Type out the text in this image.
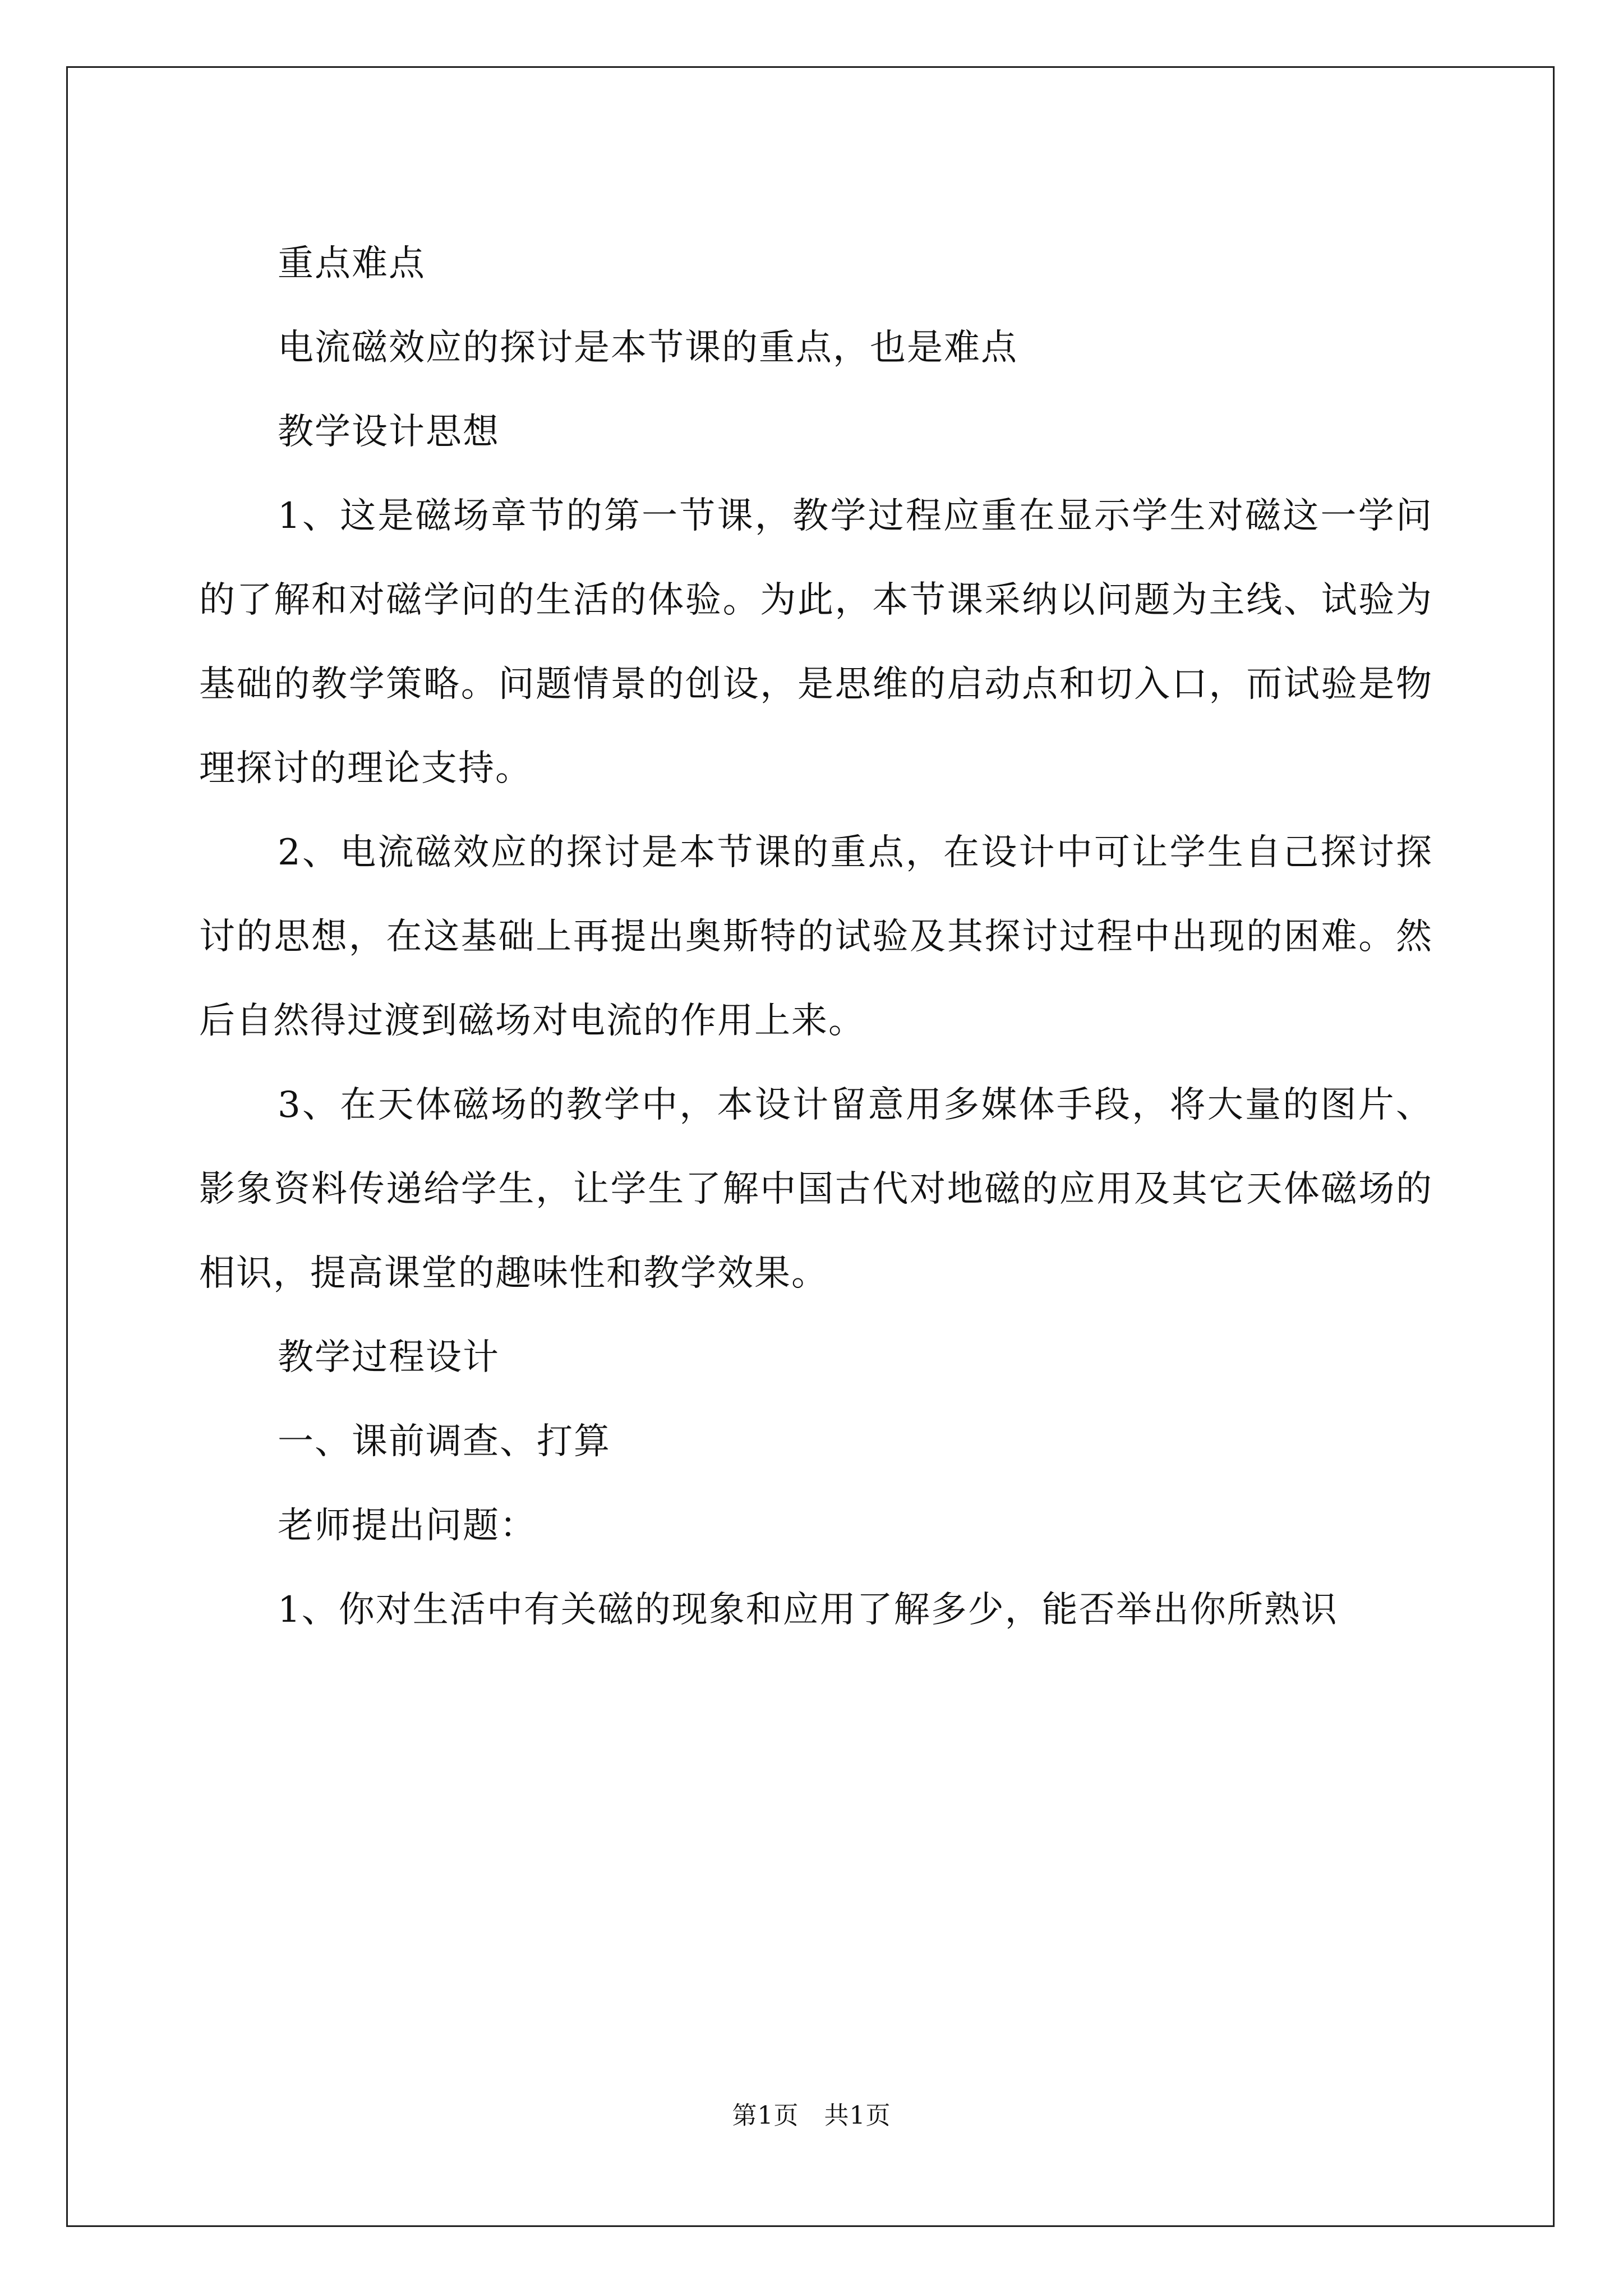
重点难点

电流磁效应的探讨是本节课的重点，也是难点

教学设计思想

1、这是磁场章节的第一节课，教学过程应重在显示学生对磁这一学问的了解和对磁学问的生活的体验。为此，本节课采纳以问题为主线、试验为基础的教学策略。问题情景的创设，是思维的启动点和切入口，而试验是物理探讨的理论支持。

2、电流磁效应的探讨是本节课的重点，在设计中可让学生自己探讨探讨的思想，在这基础上再提出奥斯特的试验及其探讨过程中出现的困难。然后自然得过渡到磁场对电流的作用上来。

3、在天体磁场的教学中，本设计留意用多媒体手段，将大量的图片、影象资料传递给学生，让学生了解中国古代对地磁的应用及其它天体磁场的相识，提高课堂的趣味性和教学效果。

教学过程设计

一、课前调查、打算

老师提出问题：

1、你对生活中有关磁的现象和应用了解多少，能否举出你所熟识

第1页　共1页
